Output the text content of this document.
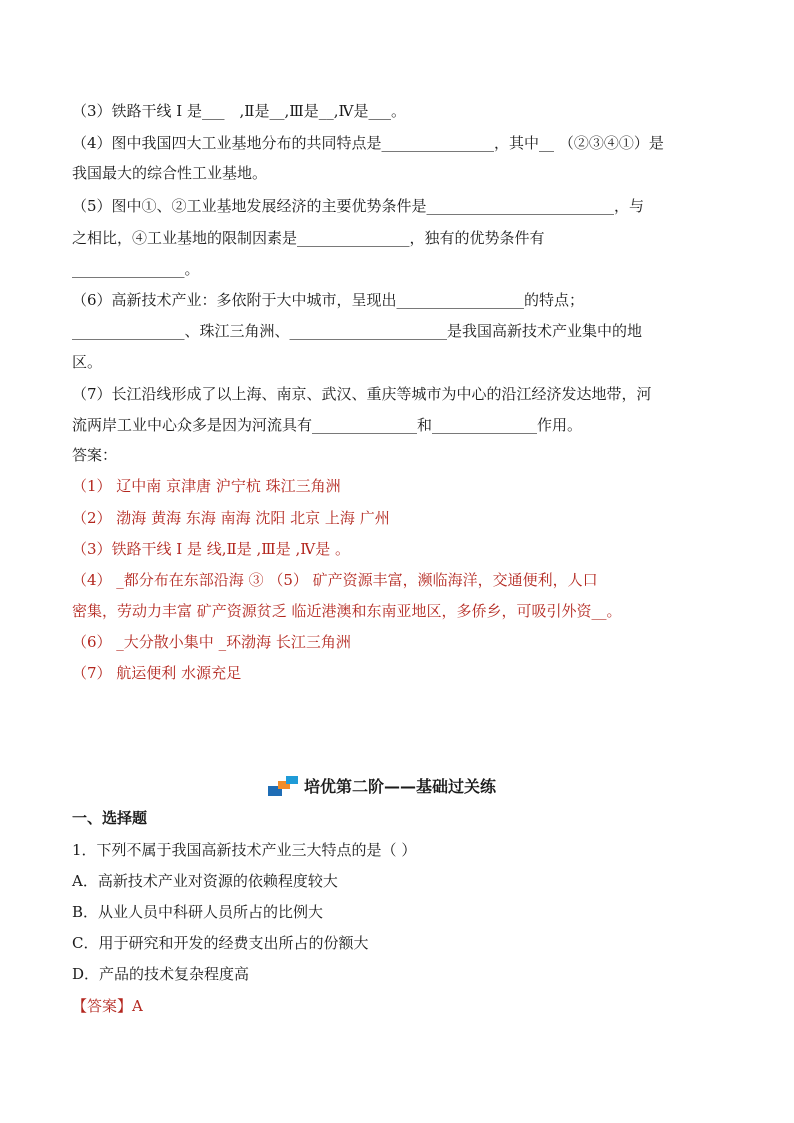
（3）铁路干线 I 是___　,Ⅱ是__,Ⅲ是__,Ⅳ是___。
（4）图中我国四大工业基地分布的共同特点是_______________，其中__ （②③④①）是
我国最大的综合性工业基地。
（5）图中①、②工业基地发展经济的主要优势条件是_________________________，与
之相比，④工业基地的限制因素是_______________，独有的优势条件有
_______________。
（6）高新技术产业：多依附于大中城市，呈现出_________________的特点；
_______________、珠江三角洲、_____________________是我国高新技术产业集中的地
区。
（7）长江沿线形成了以上海、南京、武汉、重庆等城市为中心的沿江经济发达地带，河
流两岸工业中心众多是因为河流具有______________和______________作用。
答案：
（1） 辽中南 京津唐 沪宁杭 珠江三角洲
（2） 渤海 黄海 东海 南海 沈阳 北京 上海 广州
（3）铁路干线 I 是 线,Ⅱ是 ,Ⅲ是 ,Ⅳ是 。
（4） _都分布在东部沿海 ③ （5） 矿产资源丰富，濒临海洋，交通便利，人口
密集，劳动力丰富 矿产资源贫乏 临近港澳和东南亚地区，多侨乡，可吸引外资__。
（6） _大分散小集中 _环渤海 长江三角洲
（7） 航运便利 水源充足
培优第二阶——基础过关练
一、选择题
1．下列不属于我国高新技术产业三大特点的是（ ）
A．高新技术产业对资源的依赖程度较大
B．从业人员中科研人员所占的比例大
C．用于研究和开发的经费支出所占的份额大
D．产品的技术复杂程度高
【答案】A
